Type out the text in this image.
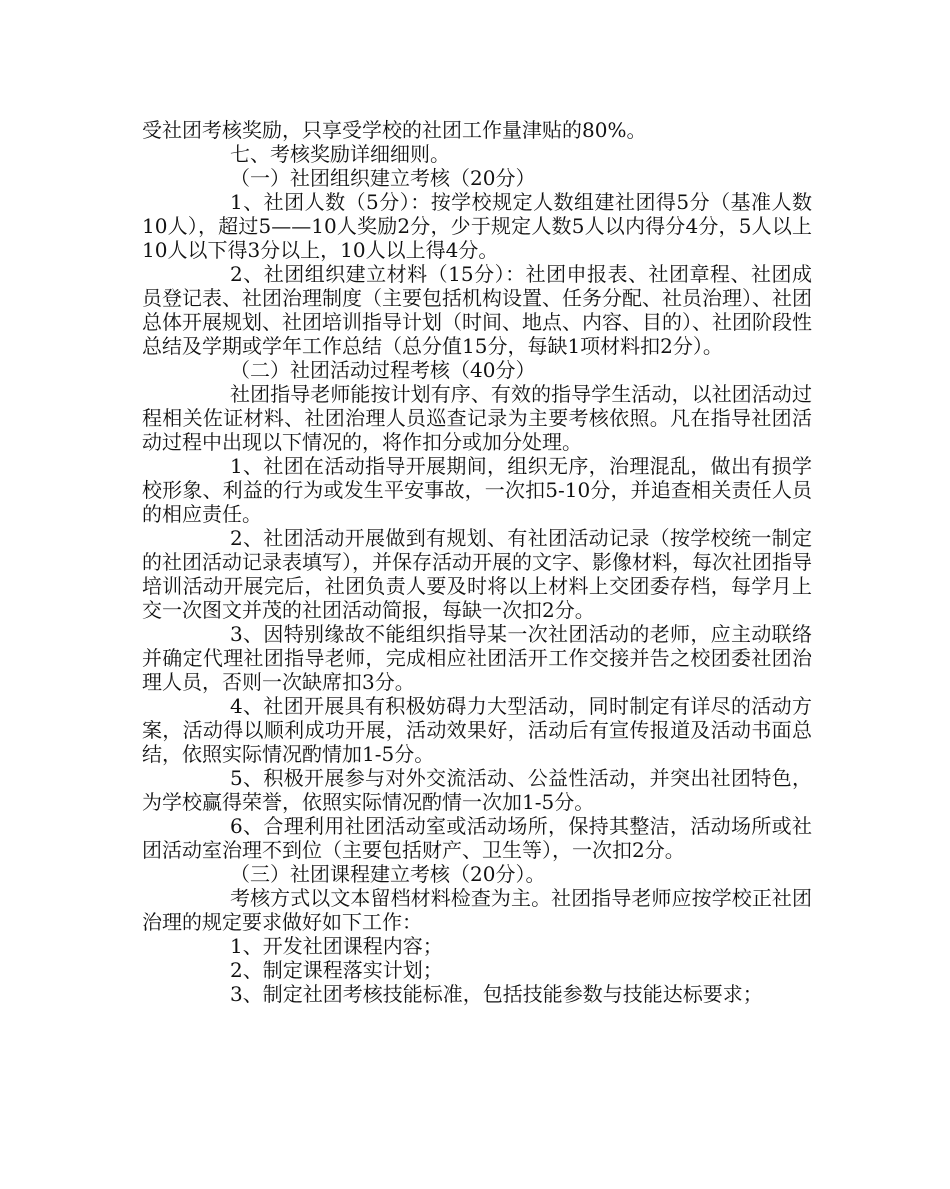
受社团考核奖励，只享受学校的社团工作量津贴的80%。

七、考核奖励详细细则。

（一）社团组织建立考核（20分）

1、社团人数（5分）：按学校规定人数组建社团得5分（基准人数10人），超过5——10人奖励2分，少于规定人数5人以内得分4分，5人以上10人以下得3分以上，10人以上得4分。

2、社团组织建立材料（15分）：社团申报表、社团章程、社团成员登记表、社团治理制度（主要包括机构设置、任务分配、社员治理）、社团总体开展规划、社团培训指导计划（时间、地点、内容、目的）、社团阶段性总结及学期或学年工作总结（总分值15分，每缺1项材料扣2分）。

（二）社团活动过程考核（40分）

社团指导老师能按计划有序、有效的指导学生活动，以社团活动过程相关佐证材料、社团治理人员巡查记录为主要考核依照。凡在指导社团活动过程中出现以下情况的，将作扣分或加分处理。

1、社团在活动指导开展期间，组织无序，治理混乱，做出有损学校形象、利益的行为或发生平安事故，一次扣5-10分，并追查相关责任人员的相应责任。

2、社团活动开展做到有规划、有社团活动记录（按学校统一制定的社团活动记录表填写），并保存活动开展的文字、影像材料，每次社团指导培训活动开展完后，社团负责人要及时将以上材料上交团委存档，每学月上交一次图文并茂的社团活动简报，每缺一次扣2分。

3、因特别缘故不能组织指导某一次社团活动的老师，应主动联络并确定代理社团指导老师，完成相应社团活开工作交接并告之校团委社团治理人员，否则一次缺席扣3分。

4、社团开展具有积极妨碍力大型活动，同时制定有详尽的活动方案，活动得以顺利成功开展，活动效果好，活动后有宣传报道及活动书面总结，依照实际情况酌情加1-5分。

5、积极开展参与对外交流活动、公益性活动，并突出社团特色，为学校赢得荣誉，依照实际情况酌情一次加1-5分。

6、合理利用社团活动室或活动场所，保持其整洁，活动场所或社团活动室治理不到位（主要包括财产、卫生等），一次扣2分。

（三）社团课程建立考核（20分）。

考核方式以文本留档材料检查为主。社团指导老师应按学校正社团治理的规定要求做好如下工作：

1、开发社团课程内容；

2、制定课程落实计划；

3、制定社团考核技能标准，包括技能参数与技能达标要求；
